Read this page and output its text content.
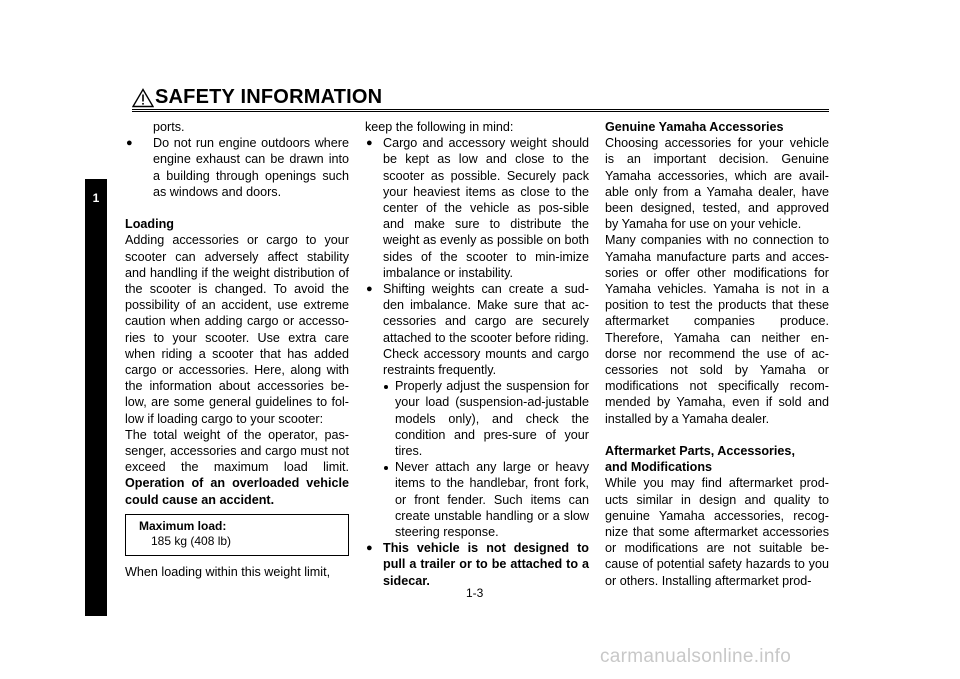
SAFETY INFORMATION
1

ports.

● Do not run engine outdoors where engine exhaust can be drawn into a building through openings such as windows and doors.

Loading

Adding accessories or cargo to your scooter can adversely affect stability and handling if the weight distribution of the scooter is changed. To avoid the possibility of an accident, use extreme caution when adding cargo or accesso-ries to your scooter. Use extra care when riding a scooter that has added cargo or accessories. Here, along with the information about accessories be-low, are some general guidelines to fol-low if loading cargo to your scooter:

The total weight of the operator, pas-senger, accessories and cargo must not exceed the maximum load limit. Operation of an overloaded vehicle could cause an accident.

Maximum load:
185 kg (408 lb)

When loading within this weight limit,

keep the following in mind:

● Cargo and accessory weight should be kept as low and close to the scooter as possible. Securely pack your heaviest items as close to the center of the vehicle as pos-sible and make sure to distribute the weight as evenly as possible on both sides of the scooter to min-imize imbalance or instability.

● Shifting weights can create a sud-den imbalance. Make sure that ac-cessories and cargo are securely attached to the scooter before riding. Check accessory mounts and cargo restraints frequently.

Properly adjust the suspension for your load (suspension-ad-justable models only), and check the condition and pres-sure of your tires.

Never attach any large or heavy items to the handlebar, front fork, or front fender. Such items can create unstable handling or a slow steering response.

● This vehicle is not designed to pull a trailer or to be attached to a sidecar.

Genuine Yamaha Accessories

Choosing accessories for your vehicle is an important decision. Genuine Yamaha accessories, which are avail-able only from a Yamaha dealer, have been designed, tested, and approved by Yamaha for use on your vehicle.

Many companies with no connection to Yamaha manufacture parts and acces-sories or offer other modifications for Yamaha vehicles. Yamaha is not in a position to test the products that these aftermarket companies produce. Therefore, Yamaha can neither en-dorse nor recommend the use of ac-cessories not sold by Yamaha or modifications not specifically recom-mended by Yamaha, even if sold and installed by a Yamaha dealer.

Aftermarket Parts, Accessories,

and Modifications

While you may find aftermarket prod-ucts similar in design and quality to genuine Yamaha accessories, recog-nize that some aftermarket accessories or modifications are not suitable be-cause of potential safety hazards to you or others. Installing aftermarket prod-

1-3
carmanualsonline.info
